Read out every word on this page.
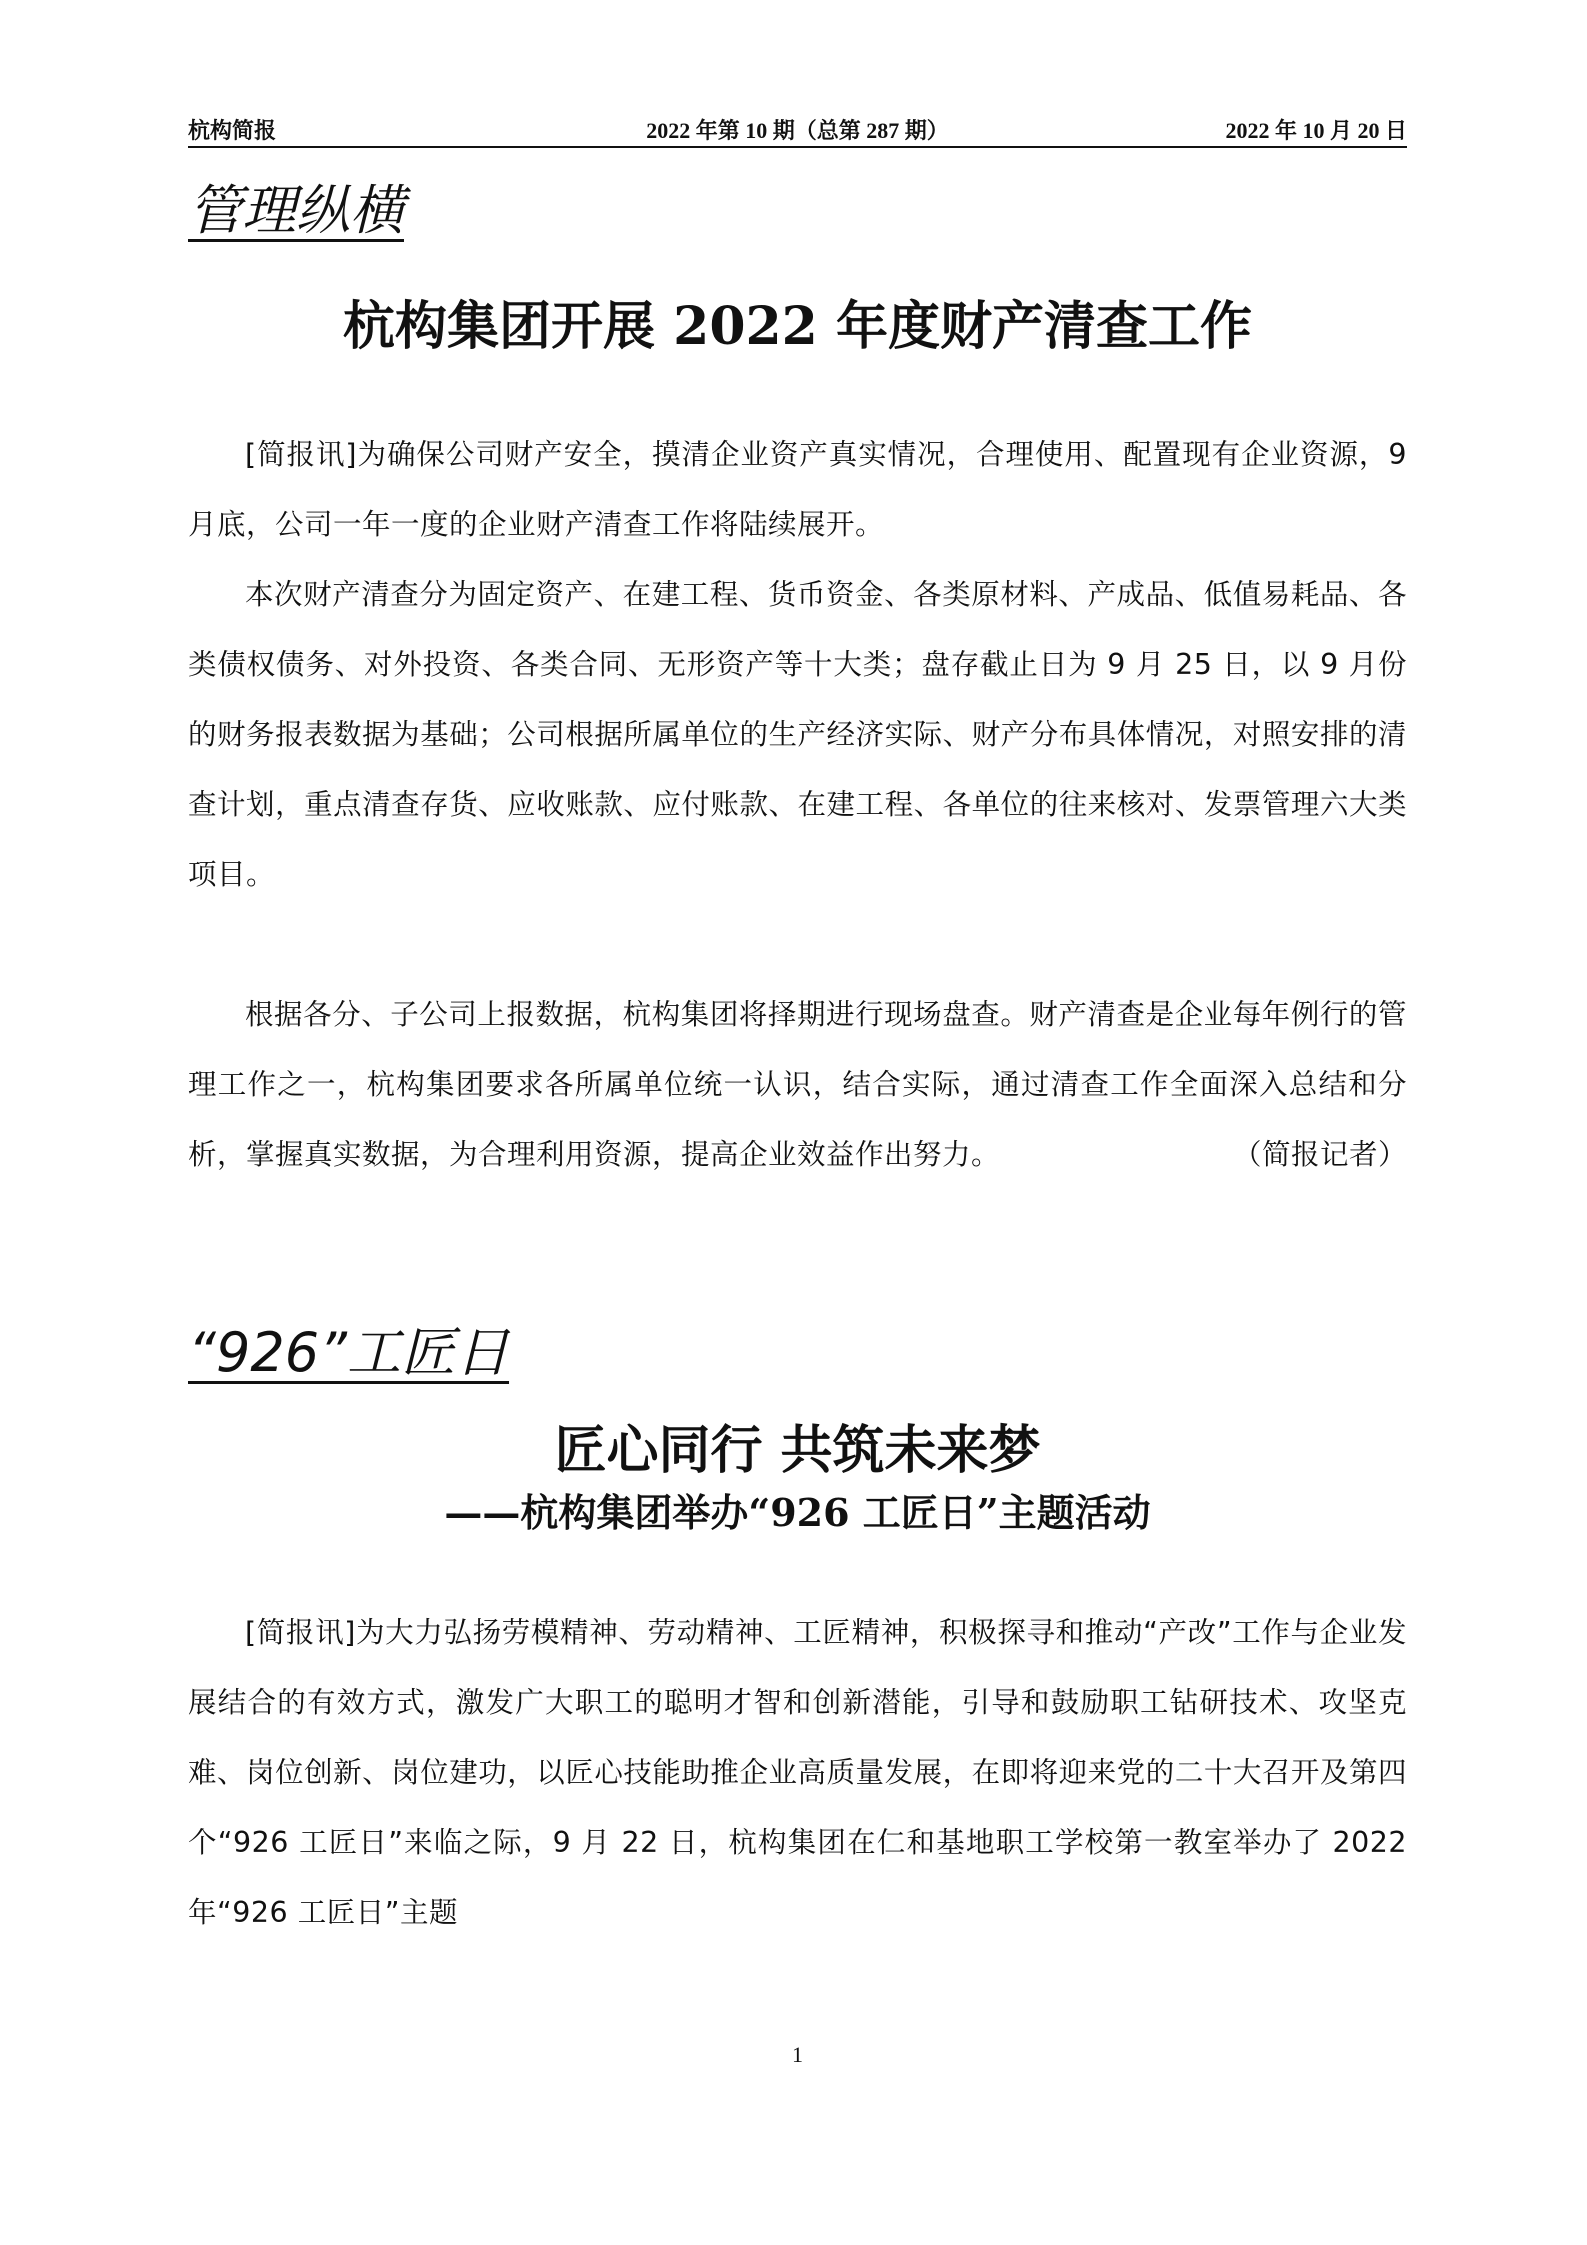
杭构简报	2022 年第 10 期（总第 287 期）	2022 年 10 月 20 日
管理纵横
杭构集团开展 2022 年度财产清查工作

[简报讯]为确保公司财产安全，摸清企业资产真实情况，合理使用、配置现有企业资源，9 月底，公司一年一度的企业财产清查工作将陆续展开。

本次财产清查分为固定资产、在建工程、货币资金、各类原材料、产成品、低值易耗品、各类债权债务、对外投资、各类合同、无形资产等十大类；盘存截止日为 9 月 25 日，以 9 月份的财务报表数据为基础；公司根据所属单位的生产经济实际、财产分布具体情况，对照安排的清查计划，重点清查存货、应收账款、应付账款、在建工程、各单位的往来核对、发票管理六大类项目。

根据各分、子公司上报数据，杭构集团将择期进行现场盘查。财产清查是企业每年例行的管理工作之一，杭构集团要求各所属单位统一认识，结合实际，通过清查工作全面深入总结和分析，掌握真实数据，为合理利用资源，提高企业效益作出努力。	（简报记者）

“926”工匠日
匠心同行 共筑未来梦
——杭构集团举办“926 工匠日”主题活动

[简报讯]为大力弘扬劳模精神、劳动精神、工匠精神，积极探寻和推动“产改”工作与企业发展结合的有效方式，激发广大职工的聪明才智和创新潜能，引导和鼓励职工钻研技术、攻坚克难、岗位创新、岗位建功，以匠心技能助推企业高质量发展，在即将迎来党的二十大召开及第四个“926 工匠日”来临之际，9 月 22 日，杭构集团在仁和基地职工学校第一教室举办了 2022 年“926 工匠日”主题

1
